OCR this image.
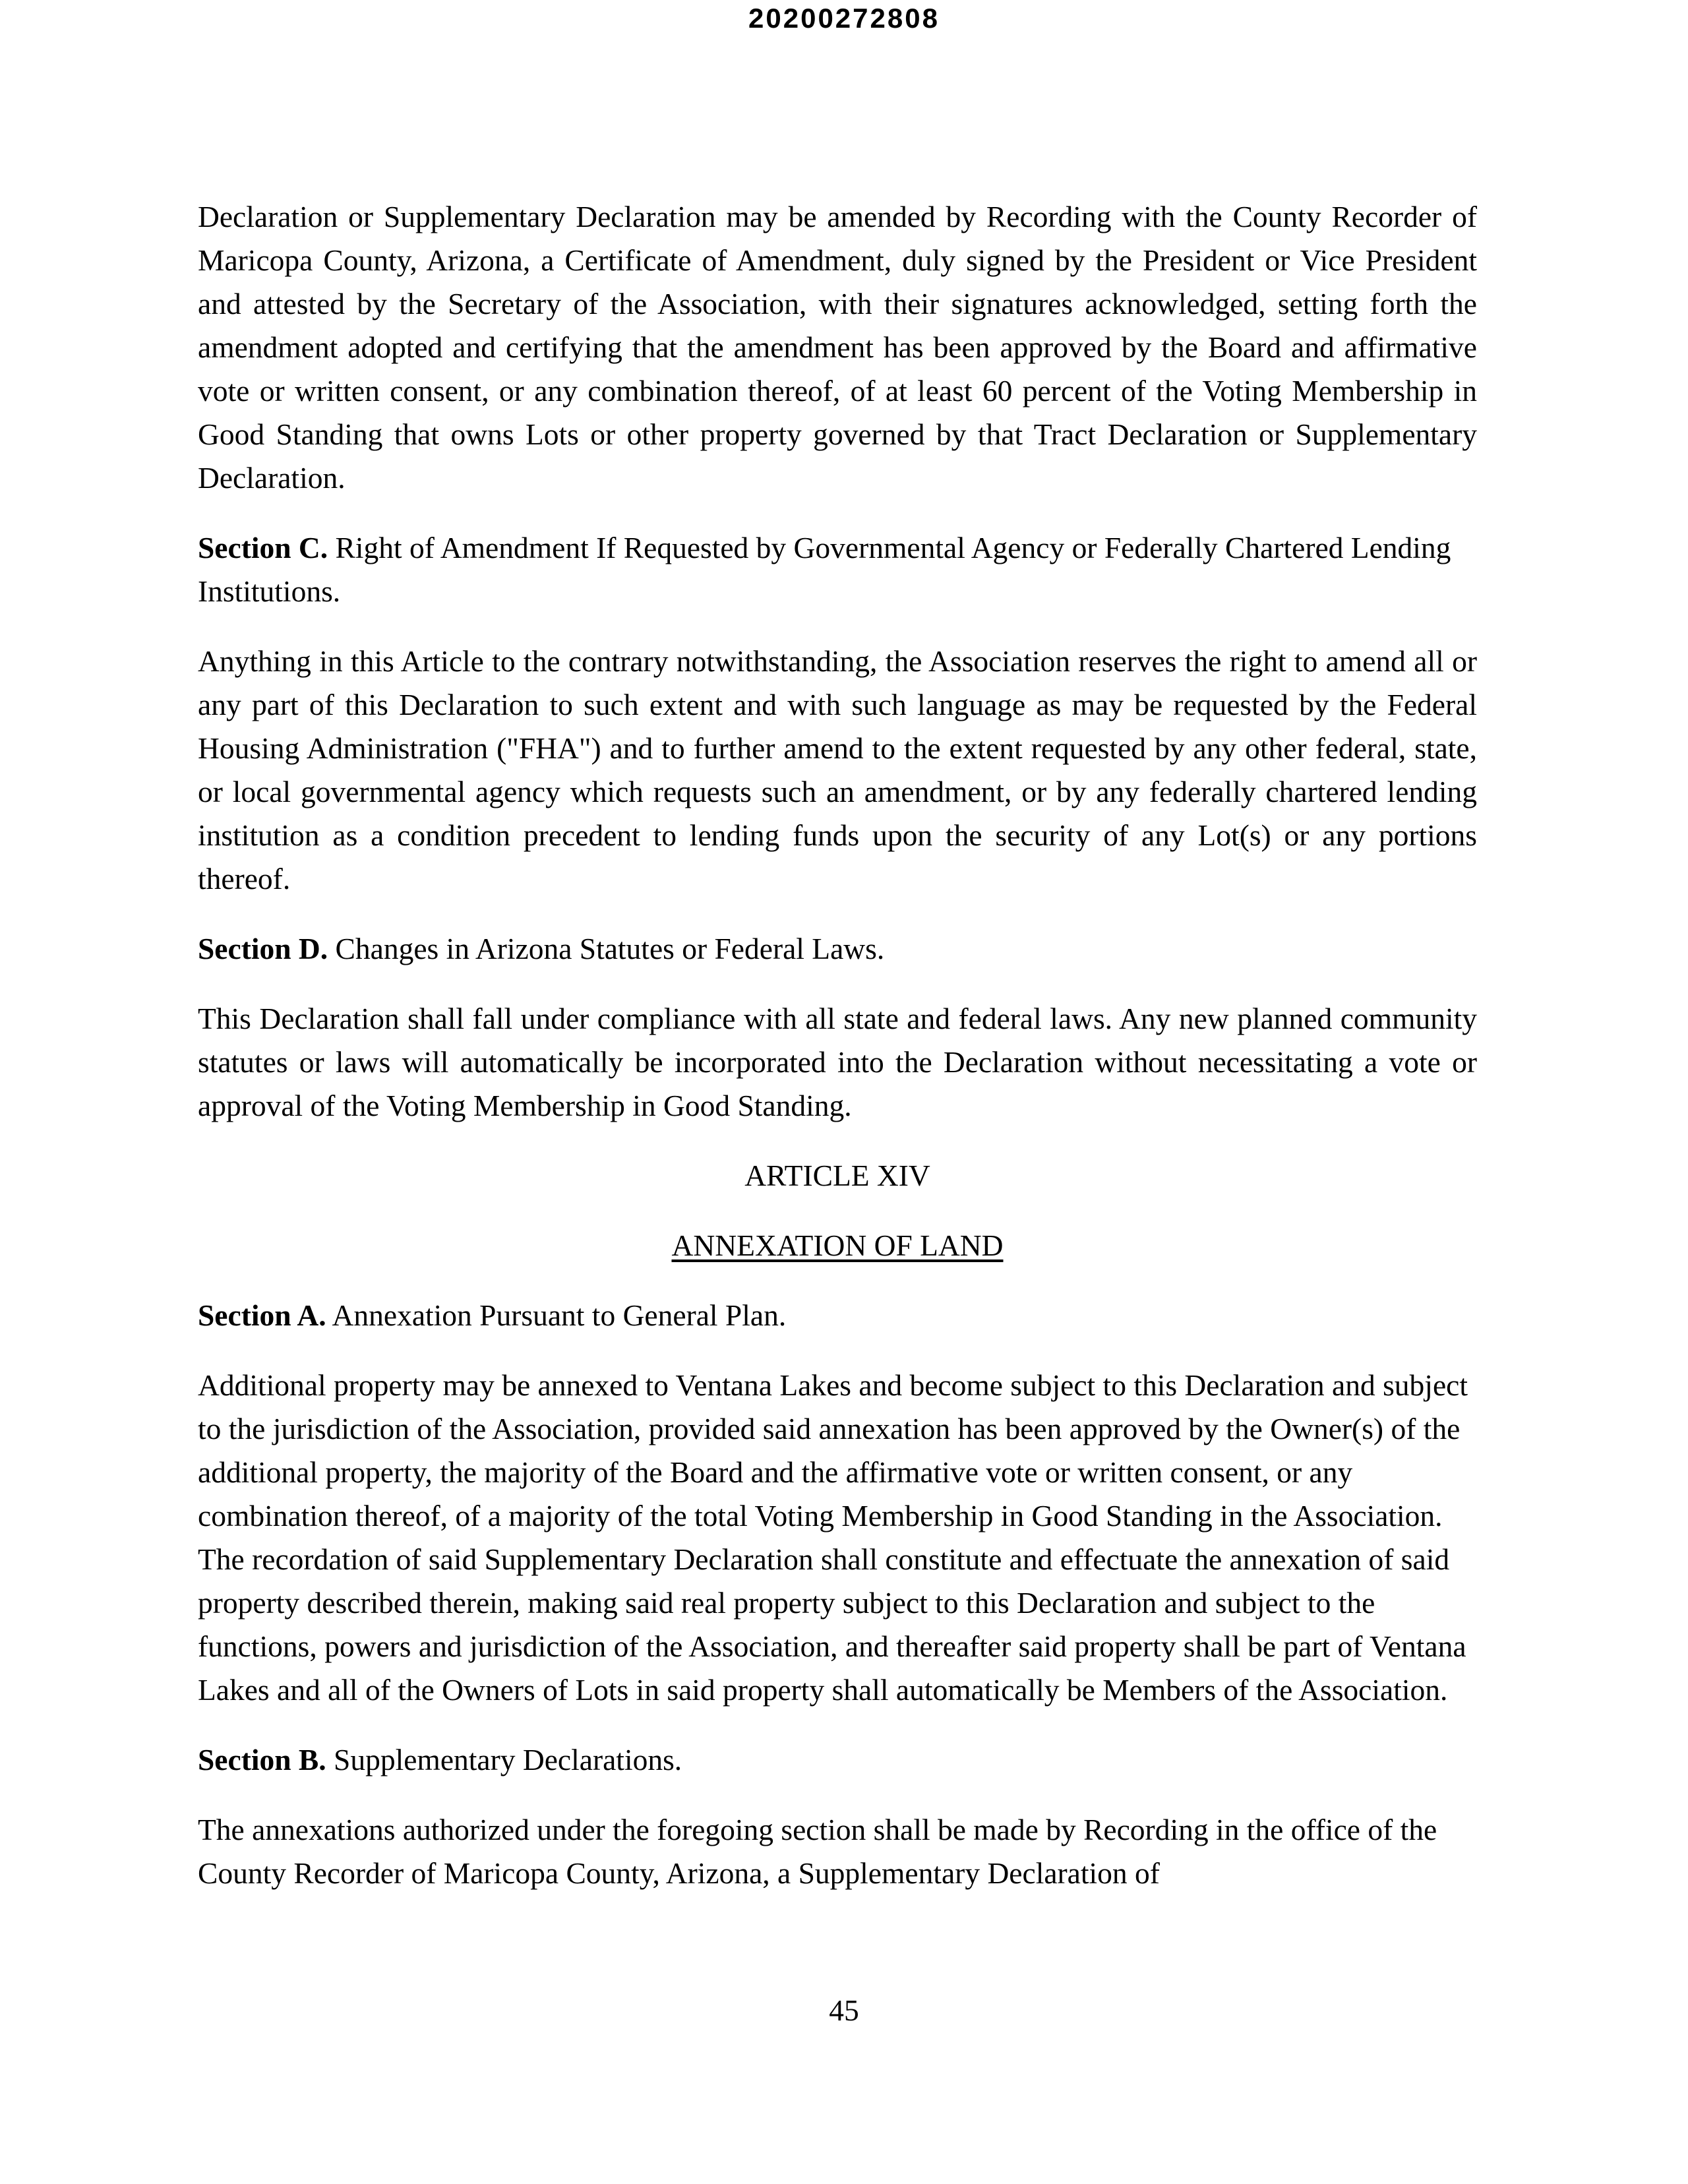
20200272808

Declaration or Supplementary Declaration may be amended by Recording with the County Recorder of Maricopa County, Arizona, a Certificate of Amendment, duly signed by the President or Vice President and attested by the Secretary of the Association, with their signatures acknowledged, setting forth the amendment adopted and certifying that the amendment has been approved by the Board and affirmative vote or written consent, or any combination thereof, of at least 60 percent of the Voting Membership in Good Standing that owns Lots or other property governed by that Tract Declaration or Supplementary Declaration.

Section C. Right of Amendment If Requested by Governmental Agency or Federally Chartered Lending Institutions.

Anything in this Article to the contrary notwithstanding, the Association reserves the right to amend all or any part of this Declaration to such extent and with such language as may be requested by the Federal Housing Administration ("FHA") and to further amend to the extent requested by any other federal, state, or local governmental agency which requests such an amendment, or by any federally chartered lending institution as a condition precedent to lending funds upon the security of any Lot(s) or any portions thereof.

Section D. Changes in Arizona Statutes or Federal Laws.

This Declaration shall fall under compliance with all state and federal laws. Any new planned community statutes or laws will automatically be incorporated into the Declaration without necessitating a vote or approval of the Voting Membership in Good Standing.

ARTICLE XIV

ANNEXATION OF LAND

Section A. Annexation Pursuant to General Plan.

Additional property may be annexed to Ventana Lakes and become subject to this Declaration and subject to the jurisdiction of the Association, provided said annexation has been approved by the Owner(s) of the additional property, the majority of the Board and the affirmative vote or written consent, or any combination thereof, of a majority of the total Voting Membership in Good Standing in the Association. The recordation of said Supplementary Declaration shall constitute and effectuate the annexation of said property described therein, making said real property subject to this Declaration and subject to the functions, powers and jurisdiction of the Association, and thereafter said property shall be part of Ventana Lakes and all of the Owners of Lots in said property shall automatically be Members of the Association.

Section B. Supplementary Declarations.

The annexations authorized under the foregoing section shall be made by Recording in the office of the County Recorder of Maricopa County, Arizona, a Supplementary Declaration of

45
